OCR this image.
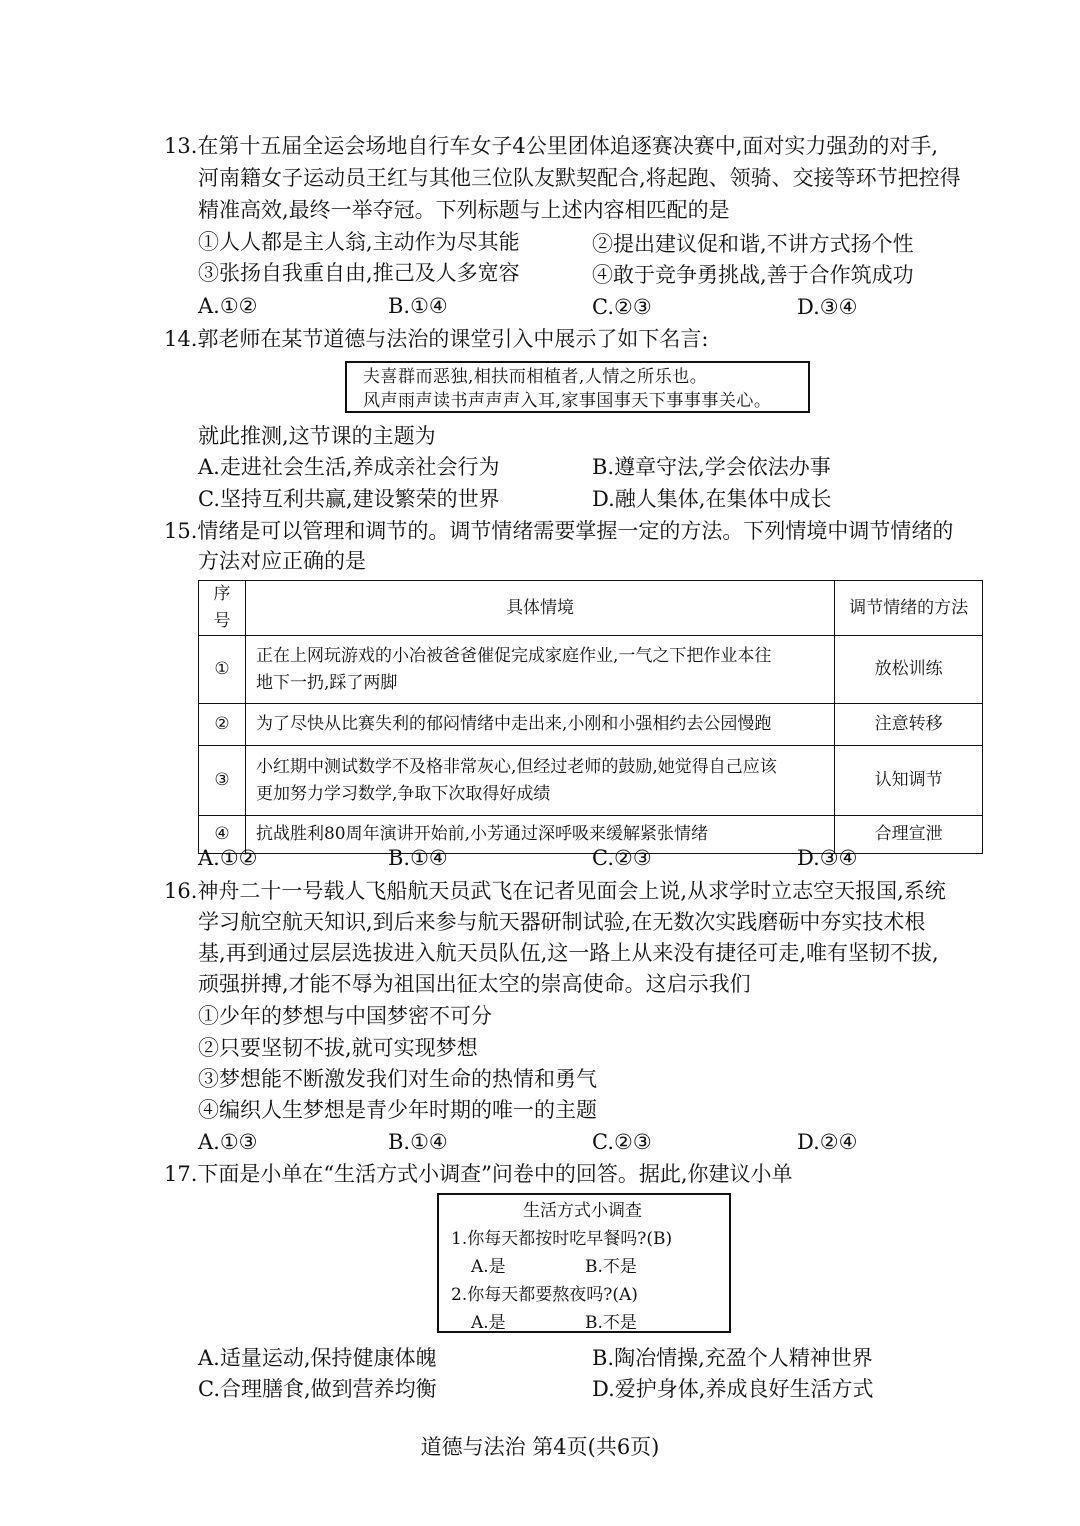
13.在第十五届全运会场地自行车女子4公里团体追逐赛决赛中,面对实力强劲的对手,
河南籍女子运动员王红与其他三位队友默契配合,将起跑、领骑、交接等环节把控得
精准高效,最终一举夺冠。下列标题与上述内容相匹配的是
①人人都是主人翁,主动作为尽其能	②提出建议促和谐,不讲方式扬个性
③张扬自我重自由,推己及人多宽容	④敢于竞争勇挑战,善于合作筑成功
A.①②	B.①④	C.②③	D.③④
14.郭老师在某节道德与法治的课堂引入中展示了如下名言:
夫喜群而恶独,相扶而相植者,人情之所乐也。
风声雨声读书声声声入耳,家事国事天下事事事关心。
就此推测,这节课的主题为
A.走进社会生活,养成亲社会行为	B.遵章守法,学会依法办事
C.坚持互利共赢,建设繁荣的世界	D.融人集体,在集体中成长
15.情绪是可以管理和调节的。调节情绪需要掌握一定的方法。下列情境中调节情绪的
方法对应正确的是
序号	具体情境	调节情绪的方法
①	正在上网玩游戏的小冶被爸爸催促完成家庭作业,一气之下把作业本往
地下一扔,踩了两脚	放松训练
②	为了尽快从比赛失利的郁闷情绪中走出来,小刚和小强相约去公园慢跑	注意转移
③	小红期中测试数学不及格非常灰心,但经过老师的鼓励,她觉得自己应该
更加努力学习数学,争取下次取得好成绩	认知调节
④	抗战胜利80周年演讲开始前,小芳通过深呼吸来缓解紧张情绪	合理宣泄
A.①②	B.①④	C.②③	D.③④
16.神舟二十一号载人飞船航天员武飞在记者见面会上说,从求学时立志空天报国,系统
学习航空航天知识,到后来参与航天器研制试验,在无数次实践磨砺中夯实技术根
基,再到通过层层选拔进入航天员队伍,这一路上从来没有捷径可走,唯有坚韧不拔,
顽强拼搏,才能不辱为祖国出征太空的崇高使命。这启示我们
①少年的梦想与中国梦密不可分
②只要坚韧不拔,就可实现梦想
③梦想能不断激发我们对生命的热情和勇气
④编织人生梦想是青少年时期的唯一的主题
A.①③	B.①④	C.②③	D.②④
17.下面是小单在“生活方式小调查”问卷中的回答。据此,你建议小单
生活方式小调查
1.你每天都按时吃早餐吗?(B)
A.是	B.不是
2.你每天都要熬夜吗?(A)
A.是	B.不是
A.适量运动,保持健康体魄	B.陶冶情操,充盈个人精神世界
C.合理膳食,做到营养均衡	D.爱护身体,养成良好生活方式
道德与法治 第4页(共6页)
